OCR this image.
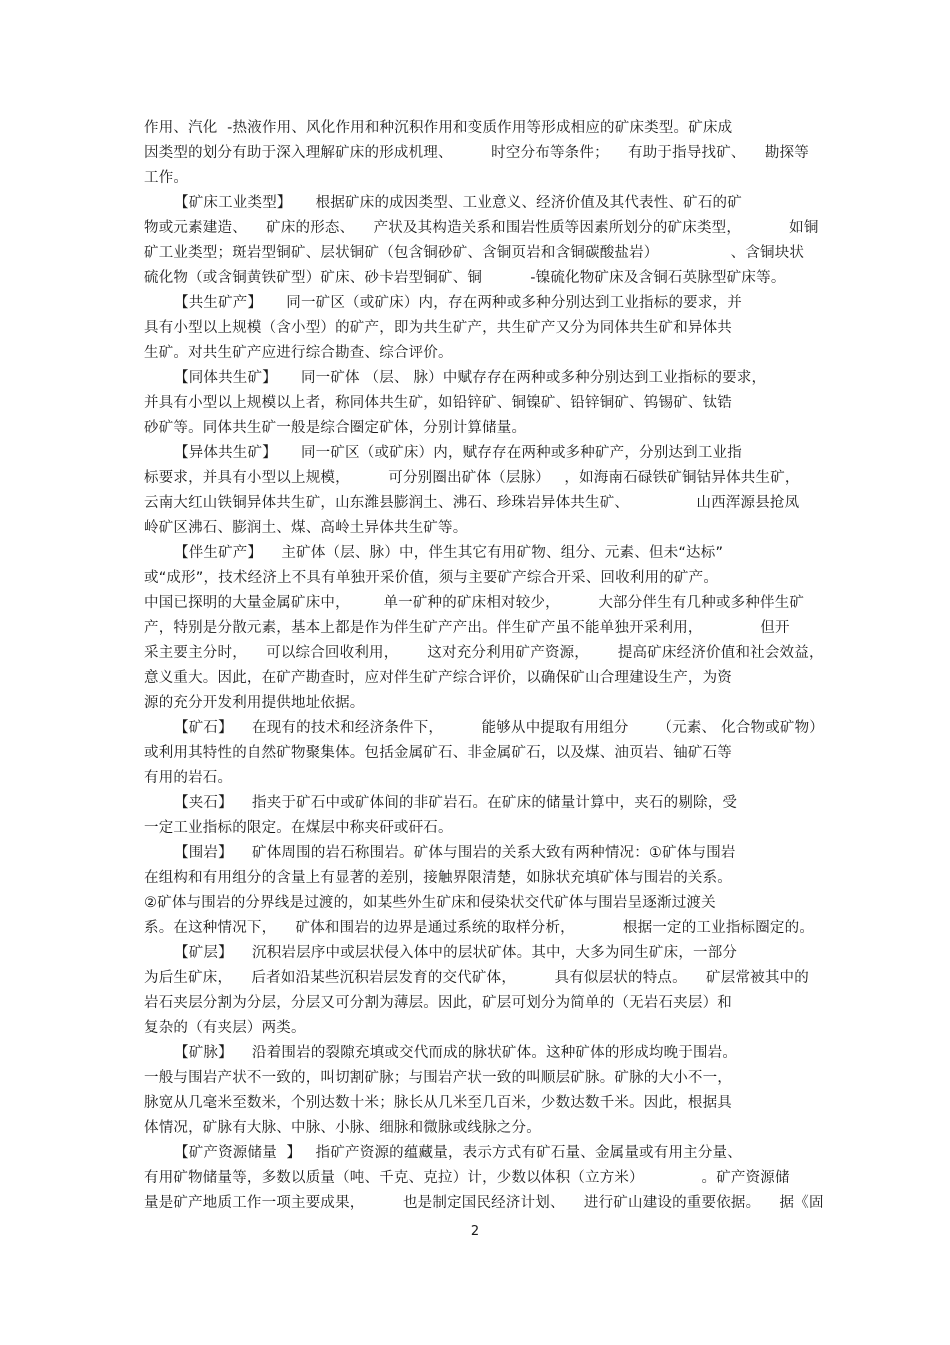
作用、汽化  -热液作用、风化作用和种沉积作用和变质作用等形成相应的矿床类型。矿床成
因类型的划分有助于深入理解矿床的形成机理、        时空分布等条件；    有助于指导找矿、    勘探等
工作。
【矿床工业类型】     根据矿床的成因类型、工业意义、经济价值及其代表性、矿石的矿
物或元素建造、    矿床的形态、    产状及其构造关系和围岩性质等因素所划分的矿床类型，          如铜
矿工业类型；斑岩型铜矿、层状铜矿（包含铜砂矿、含铜页岩和含铜碳酸盐岩）               、含铜块状
硫化物（或含铜黄铁矿型）矿床、砂卡岩型铜矿、铜          -镍硫化物矿床及含铜石英脉型矿床等。
【共生矿产】     同一矿区（或矿床）内，存在两种或多种分别达到工业指标的要求，并
具有小型以上规模（含小型）的矿产，即为共生矿产，共生矿产又分为同体共生矿和异体共
生矿。对共生矿产应进行综合勘查、综合评价。
【同体共生矿】     同一矿体 （层、 脉）中赋存存在两种或多种分别达到工业指标的要求，
并具有小型以上规模以上者，称同体共生矿，如铅锌矿、铜镍矿、铅锌铜矿、钨锡矿、钛锆
砂矿等。同体共生矿一般是综合圈定矿体，分别计算储量。
【异体共生矿】     同一矿区（或矿床）内，赋存存在两种或多种矿产，分别达到工业指
标要求，并具有小型以上规模，        可分别圈出矿体（层脉）   ，如海南石碌铁矿铜钴异体共生矿，
云南大红山铁铜异体共生矿，山东潍县膨润土、沸石、珍珠岩异体共生矿、              山西浑源县抢凤
岭矿区沸石、膨润土、煤、高岭土异体共生矿等。
【伴生矿产】    主矿体（层、脉）中，伴生其它有用矿物、组分、元素、但未“达标”
或“成形”，技术经济上不具有单独开采价值，须与主要矿产综合开采、回收利用的矿产。
中国已探明的大量金属矿床中，       单一矿种的矿床相对较少，        大部分伴生有几种或多种伴生矿
产，特别是分散元素，基本上都是作为伴生矿产产出。伴生矿产虽不能单独开采利用，            但开
采主要主分时，    可以综合回收利用，      这对充分利用矿产资源，      提高矿床经济价值和社会效益，
意义重大。因此，在矿产勘查时，应对伴生矿产综合评价，以确保矿山合理建设生产，为资
源的充分开发利用提供地址依据。
【矿石】    在现有的技术和经济条件下，        能够从中提取有用组分      （元素、 化合物或矿物）
或利用其特性的自然矿物聚集体。包括金属矿石、非金属矿石，以及煤、油页岩、铀矿石等
有用的岩石。
【夹石】    指夹于矿石中或矿体间的非矿岩石。在矿床的储量计算中，夹石的剔除，受
一定工业指标的限定。在煤层中称夹矸或矸石。
【围岩】    矿体周围的岩石称围岩。矿体与围岩的关系大致有两种情况：①矿体与围岩
在组构和有用组分的含量上有显著的差别，接触界限清楚，如脉状充填矿体与围岩的关系。
②矿体与围岩的分界线是过渡的，如某些外生矿床和侵染状交代矿体与围岩呈逐渐过渡关
系。在这种情况下，    矿体和围岩的边界是通过系统的取样分析，          根据一定的工业指标圈定的。
【矿层】    沉积岩层序中或层状侵入体中的层状矿体。其中，大多为同生矿床，一部分
为后生矿床，    后者如沿某些沉积岩层发育的交代矿体，        具有似层状的特点。    矿层常被其中的
岩石夹层分割为分层，分层又可分割为薄层。因此，矿层可划分为简单的（无岩石夹层）和
复杂的（有夹层）两类。
【矿脉】    沿着围岩的裂隙充填或交代而成的脉状矿体。这种矿体的形成均晚于围岩。
一般与围岩产状不一致的，叫切割矿脉；与围岩产状一致的叫顺层矿脉。矿脉的大小不一，
脉宽从几毫米至数米，个别达数十米；脉长从几米至几百米，少数达数千米。因此，根据具
体情况，矿脉有大脉、中脉、小脉、细脉和微脉或线脉之分。
【矿产资源储量  】   指矿产资源的蕴藏量，表示方式有矿石量、金属量或有用主分量、
有用矿物储量等，多数以质量（吨、千克、克拉）计，少数以体积（立方米）            。矿产资源储
量是矿产地质工作一项主要成果，        也是制定国民经济计划、    进行矿山建设的重要依据。    据《固
2
